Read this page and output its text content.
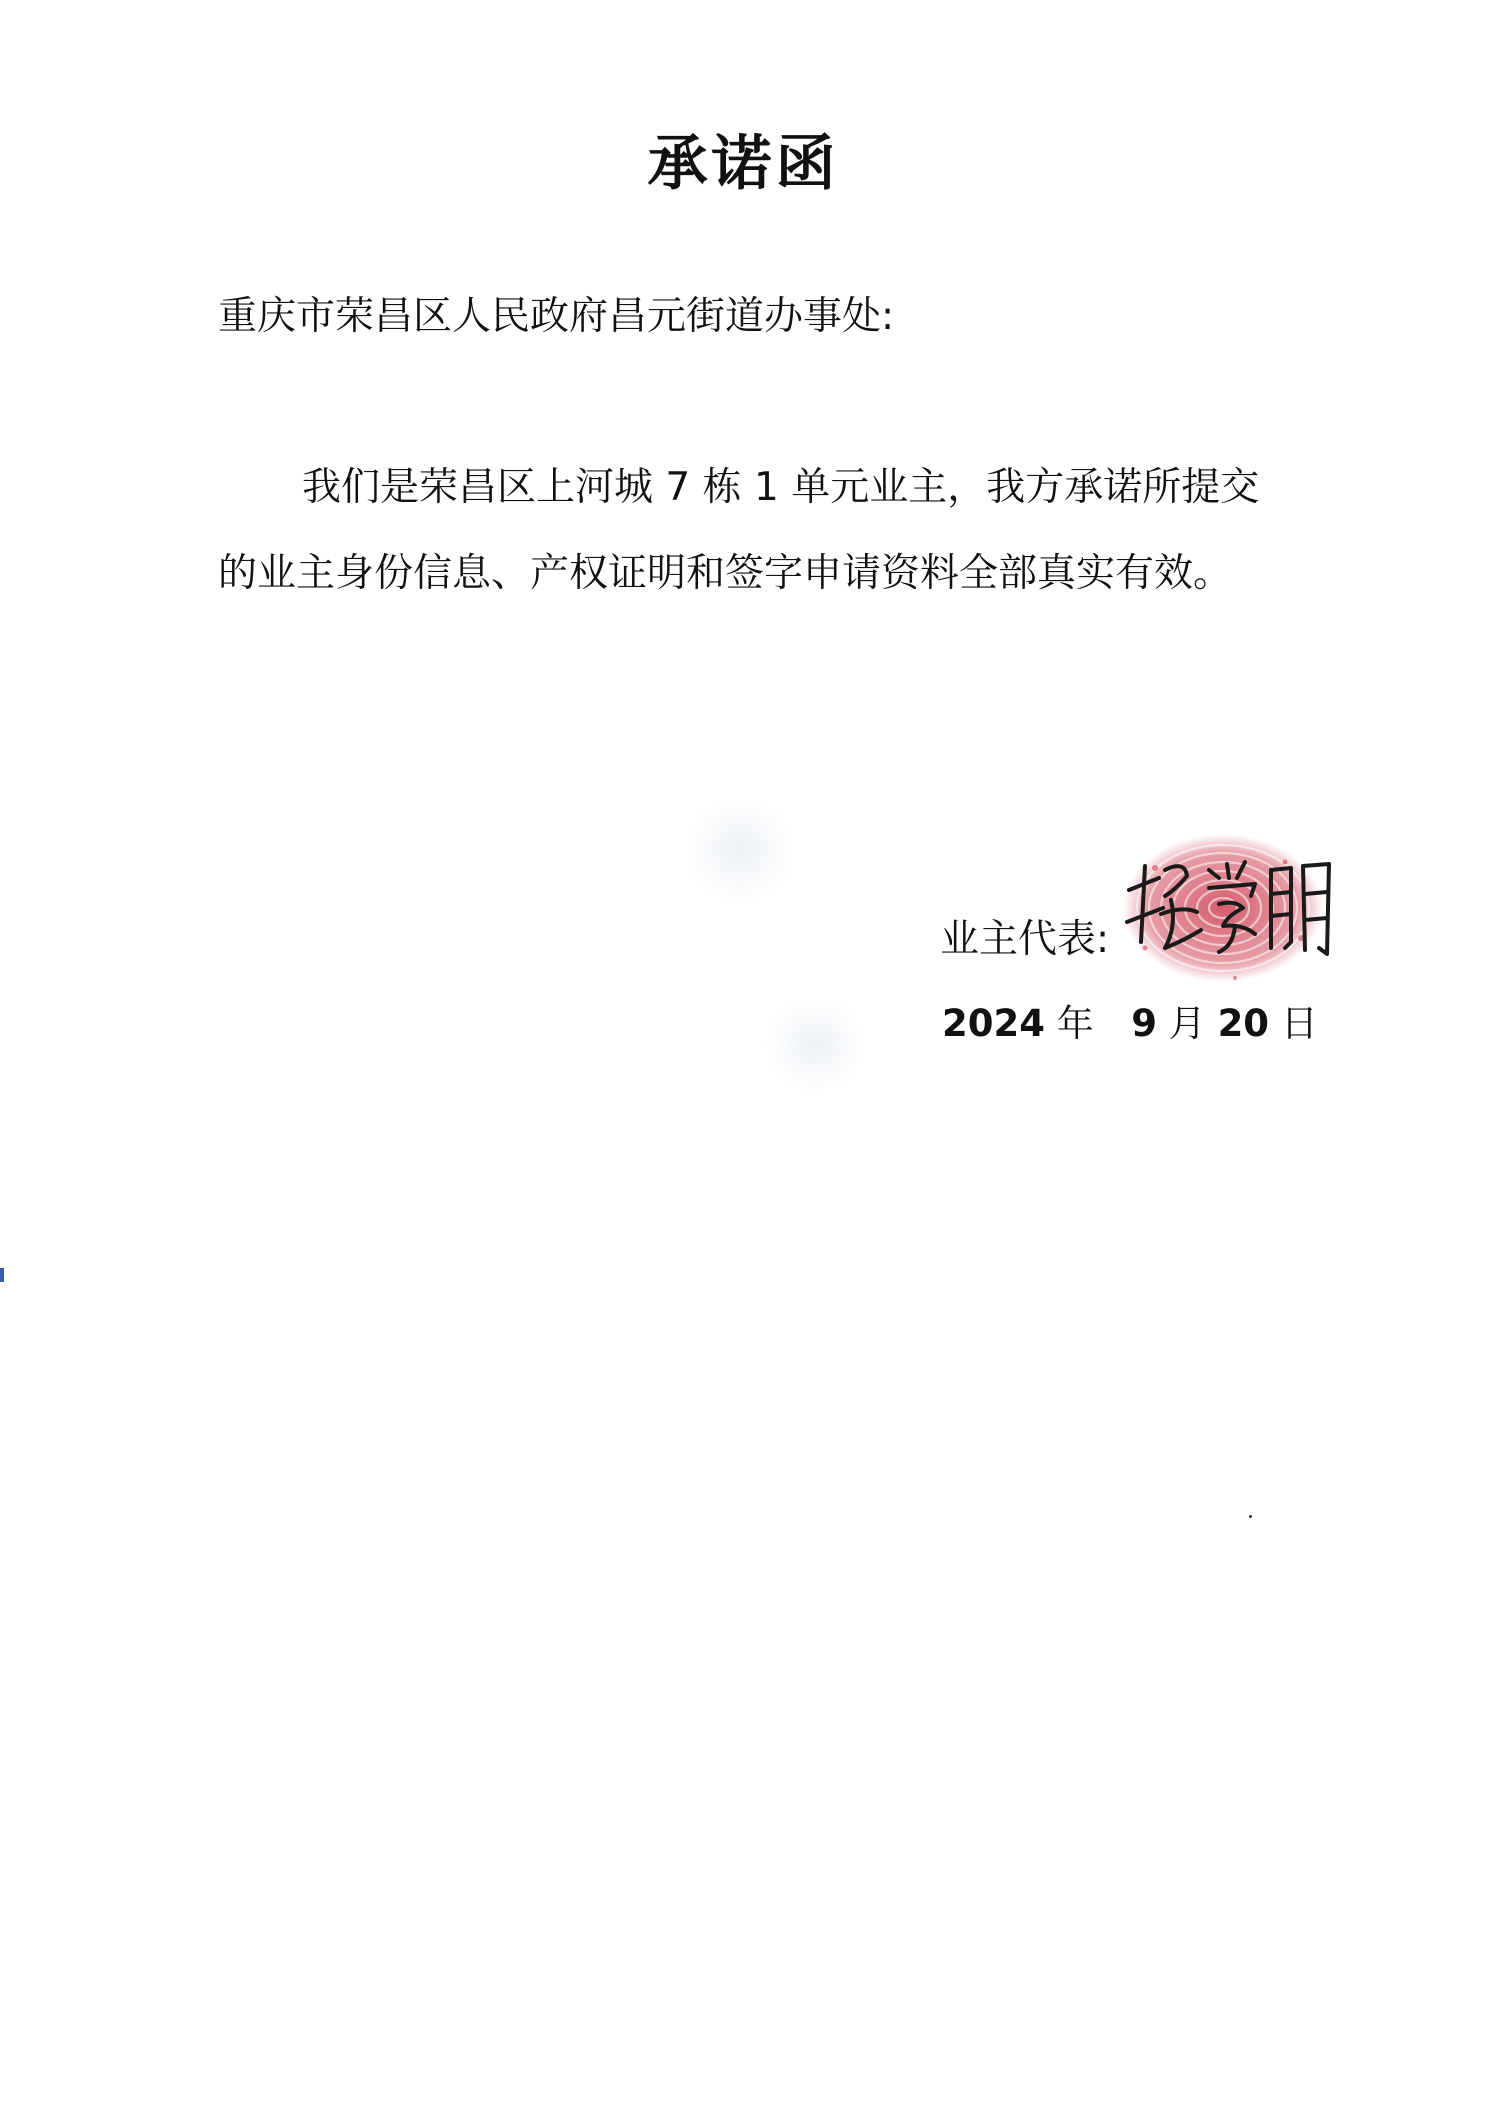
承诺函
重庆市荣昌区人民政府昌元街道办事处:
我们是荣昌区上河城 7 栋 1 单元业主，我方承诺所提交的业主身份信息、产权证明和签字申请资料全部真实有效。
业主代表:
2024 年 9 月 20 日
